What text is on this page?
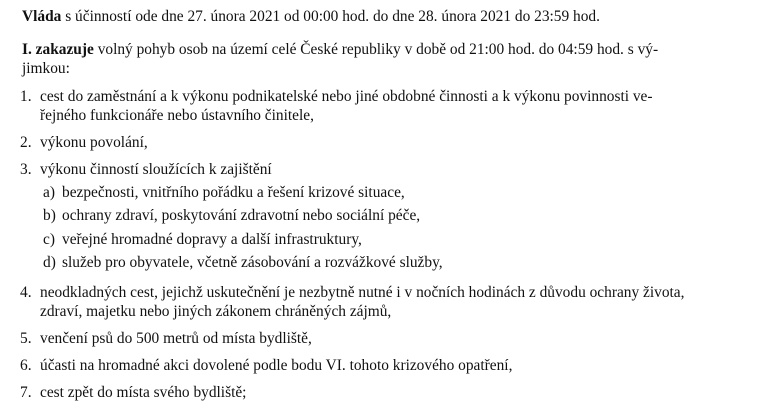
Vláda s účinností ode dne 27. února 2021 od 00:00 hod. do dne 28. února 2021 do 23:59 hod.
I. zakazuje volný pohyb osob na území celé České republiky v době od 21:00 hod. do 04:59 hod. s vý-
jimkou:
1. cest do zaměstnání a k výkonu podnikatelské nebo jiné obdobné činnosti a k výkonu povinnosti ve-
řejného funkcionáře nebo ústavního činitele,
2. výkonu povolání,
3. výkonu činností sloužících k zajištění
a) bezpečnosti, vnitřního pořádku a řešení krizové situace,
b) ochrany zdraví, poskytování zdravotní nebo sociální péče,
c) veřejné hromadné dopravy a další infrastruktury,
d) služeb pro obyvatele, včetně zásobování a rozvážkové služby,
4. neodkladných cest, jejichž uskutečnění je nezbytně nutné i v nočních hodinách z důvodu ochrany života,
zdraví, majetku nebo jiných zákonem chráněných zájmů,
5. venčení psů do 500 metrů od místa bydliště,
6. účasti na hromadné akci dovolené podle bodu VI. tohoto krizového opatření,
7. cest zpět do místa svého bydliště;
